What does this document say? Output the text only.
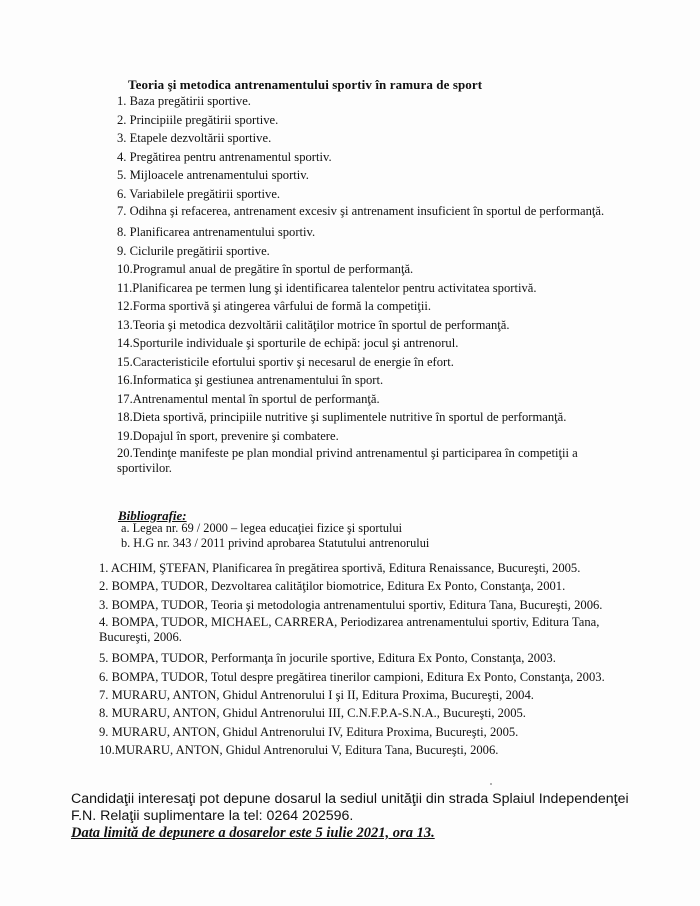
Teoria şi metodica antrenamentului sportiv în ramura de sport
1. Baza pregătirii sportive.
2. Principiile pregătirii sportive.
3. Etapele dezvoltării sportive.
4. Pregătirea pentru antrenamentul sportiv.
5. Mijloacele antrenamentului sportiv.
6. Variabilele pregătirii sportive.
7. Odihna şi refacerea, antrenament excesiv şi antrenament insuficient în sportul de performanţă.
8. Planificarea antrenamentului sportiv.
9. Ciclurile pregătirii sportive.
10.Programul anual de pregătire în sportul de performanţă.
11.Planificarea pe termen lung şi identificarea talentelor pentru activitatea sportivă.
12.Forma sportivă şi atingerea vârfului de formă la competiţii.
13.Teoria şi metodica dezvoltării calităţilor motrice în sportul de performanţă.
14.Sporturile individuale şi sporturile de echipă: jocul şi antrenorul.
15.Caracteristicile efortului sportiv şi necesarul de energie în efort.
16.Informatica şi gestiunea antrenamentului în sport.
17.Antrenamentul mental în sportul de performanţă.
18.Dieta sportivă, principiile nutritive şi suplimentele nutritive în sportul de performanţă.
19.Dopajul în sport, prevenire şi combatere.
20.Tendinţe manifeste pe plan mondial privind antrenamentul şi participarea în competiţii a sportivilor.
Bibliografie:
a. Legea nr. 69 / 2000 – legea educaţiei fizice şi sportului
b. H.G nr. 343 / 2011 privind aprobarea Statutului antrenorului
1. ACHIM, ŞTEFAN, Planificarea în pregătirea sportivă, Editura Renaissance, Bucureşti, 2005.
2. BOMPA, TUDOR, Dezvoltarea calităţilor biomotrice, Editura Ex Ponto, Constanţa, 2001.
3. BOMPA, TUDOR, Teoria şi metodologia antrenamentului sportiv, Editura Tana, Bucureşti, 2006.
4. BOMPA, TUDOR, MICHAEL, CARRERA, Periodizarea antrenamentului sportiv, Editura Tana, Bucureşti, 2006.
5. BOMPA, TUDOR, Performanţa în jocurile sportive, Editura Ex Ponto, Constanţa, 2003.
6. BOMPA, TUDOR, Totul despre pregătirea tinerilor campioni, Editura Ex Ponto, Constanţa, 2003.
7. MURARU, ANTON, Ghidul Antrenorului I şi II, Editura Proxima, Bucureşti, 2004.
8. MURARU, ANTON, Ghidul Antrenorului III, C.N.F.P.A-S.N.A., Bucureşti, 2005.
9. MURARU, ANTON, Ghidul Antrenorului IV, Editura Proxima, Bucureşti, 2005.
10.MURARU, ANTON, Ghidul Antrenorului V, Editura Tana, Bucureşti, 2006.
Candidaţii interesaţi pot depune dosarul la sediul unităţii din strada Splaiul Independenţei
F.N. Relaţii suplimentare la tel: 0264 202596.
Data limită de depunere a dosarelor este 5 iulie 2021, ora 13.
